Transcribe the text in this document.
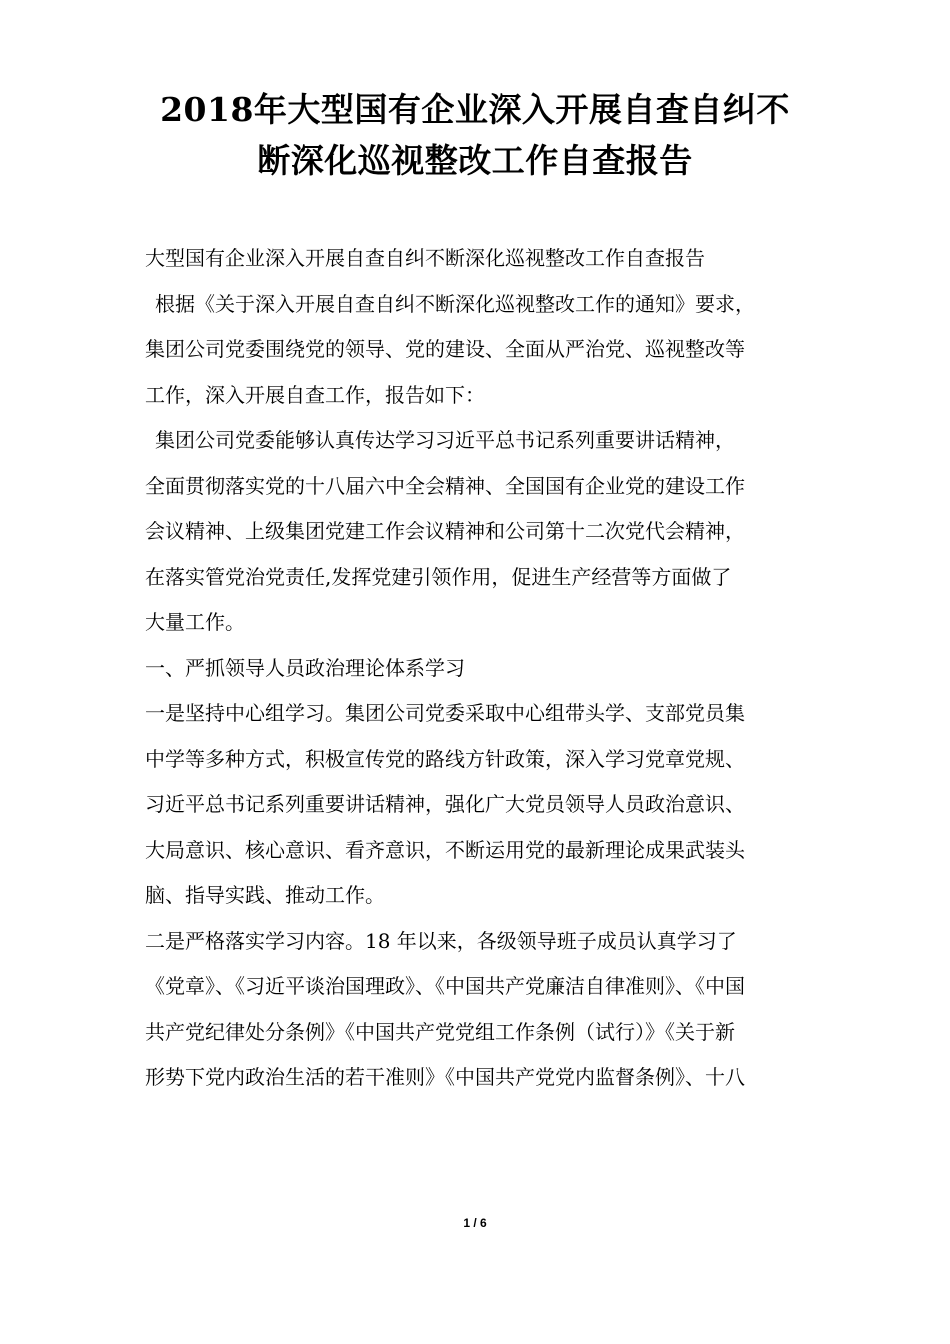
2018年大型国有企业深入开展自查自纠不
断深化巡视整改工作自查报告
大型国有企业深入开展自查自纠不断深化巡视整改工作自查报告
根据《关于深入开展自查自纠不断深化巡视整改工作的通知》要求，
集团公司党委围绕党的领导、党的建设、全面从严治党、巡视整改等
工作，深入开展自查工作，报告如下：
集团公司党委能够认真传达学习习近平总书记系列重要讲话精神，
全面贯彻落实党的十八届六中全会精神、全国国有企业党的建设工作
会议精神、上级集团党建工作会议精神和公司第十二次党代会精神，
在落实管党治党责任,发挥党建引领作用，促进生产经营等方面做了
大量工作。
一、严抓领导人员政治理论体系学习
一是坚持中心组学习。集团公司党委采取中心组带头学、支部党员集
中学等多种方式，积极宣传党的路线方针政策，深入学习党章党规、
习近平总书记系列重要讲话精神，强化广大党员领导人员政治意识、
大局意识、核心意识、看齐意识，不断运用党的最新理论成果武装头
脑、指导实践、推动工作。
二是严格落实学习内容。18 年以来，各级领导班子成员认真学习了
《党章》、《习近平谈治国理政》、《中国共产党廉洁自律准则》、《中国
共产党纪律处分条例》《中国共产党党组工作条例（试行）》《关于新
形势下党内政治生活的若干准则》《中国共产党党内监督条例》、十八
1 / 6
